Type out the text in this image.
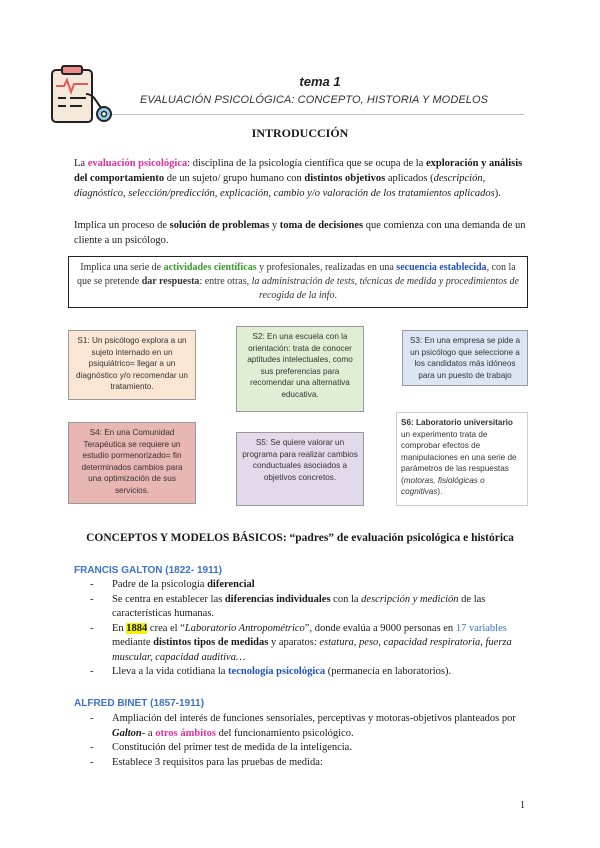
tema 1
EVALUACIÓN PSICOLÓGICA: CONCEPTO, HISTORIA Y MODELOS
INTRODUCCIÓN
La evaluación psicológica: disciplina de la psicología científica que se ocupa de la exploración y análisis del comportamiento de un sujeto/ grupo humano con distintos objetivos aplicados (descripción, diagnóstico, selección/predicción, explicación, cambio y/o valoración de los tratamientos aplicados).
Implica un proceso de solución de problemas y toma de decisiones que comienza con una demanda de un cliente a un psicólogo.
Implica una serie de actividades científicas y profesionales, realizadas en una secuencia establecida, con la que se pretende dar respuesta: entre otras, la administración de tests, técnicas de medida y procedimientos de recogida de la info.
S1: Un psicólogo explora a un sujeto internado en un psiquiátrico= llegar a un diagnóstico y/o recomendar un tratamiento.
S2: En una escuela con la orientación: trata de conocer aptitudes intelectuales, como sus preferencias para recomendar una alternativa educativa.
S3: En una empresa se pide a un psicólogo que seleccione a los candidatos más idóneos para un puesto de trabajo
S4: En una Comunidad Terapéutica se requiere un estudio pormenorizado= fin determinados cambios para una optimización de sus servicios.
S5: Se quiere valorar un programa para realizar cambios conductuales asociados a objetivos concretos.
S6: Laboratorio universitario un experimento trata de comprobar efectos de manipulaciones en una serie de parámetros de las respuestas (motoras, fisiológicas o cognitivas).
CONCEPTOS Y MODELOS BÁSICOS: “padres” de evaluación psicológica e histórica
FRANCIS GALTON (1822- 1911)
- Padre de la psicología diferencial
- Se centra en establecer las diferencias individuales con la descripción y medición de las características humanas.
- En 1884 crea el “Laboratorio Antropométrico”, donde evalúa a 9000 personas en 17 variables mediante distintos tipos de medidas y aparatos: estatura, peso, capacidad respiratoria, fuerza muscular, capacidad auditiva…
- Lleva a la vida cotidiana la tecnología psicológica (permanecía en laboratorios).
ALFRED BINET (1857-1911)
- Ampliación del interés de funciones sensoriales, perceptivas y motoras-objetivos planteados por Galton- a otros ámbitos del funcionamiento psicológico.
- Constitución del primer test de medida de la inteligencia.
- Establece 3 requisitos para las pruebas de medida:
1
